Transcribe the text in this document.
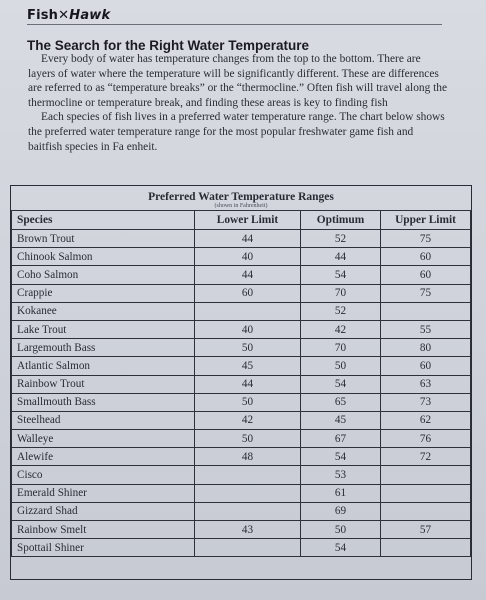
Fish✕Hawk
The Search for the Right Water Temperature

Every body of water has temperature changes from the top to the bottom. There are layers of water where the temperature will be significantly different. These are differences are referred to as “temperature breaks” or the “thermocline.” Often fish will travel along the thermocline or temperature break, and finding these areas is key to finding fish

Each species of fish lives in a preferred water temperature range. The chart below shows the preferred water temperature range for the most popular freshwater game fish and baitfish species in Fa enheit.

Preferred Water Temperature Ranges
(shown in Fahrenheit)
Species	Lower Limit	Optimum	Upper Limit
Brown Trout	44	52	75
Chinook Salmon	40	44	60
Coho Salmon	44	54	60
Crappie	60	70	75
Kokanee		52	
Lake Trout	40	42	55
Largemouth Bass	50	70	80
Atlantic Salmon	45	50	60
Rainbow Trout	44	54	63
Smallmouth Bass	50	65	73
Steelhead	42	45	62
Walleye	50	67	76
Alewife	48	54	72
Cisco		53	
Emerald Shiner		61	
Gizzard Shad		69	
Rainbow Smelt	43	50	57
Spottail Shiner		54	
